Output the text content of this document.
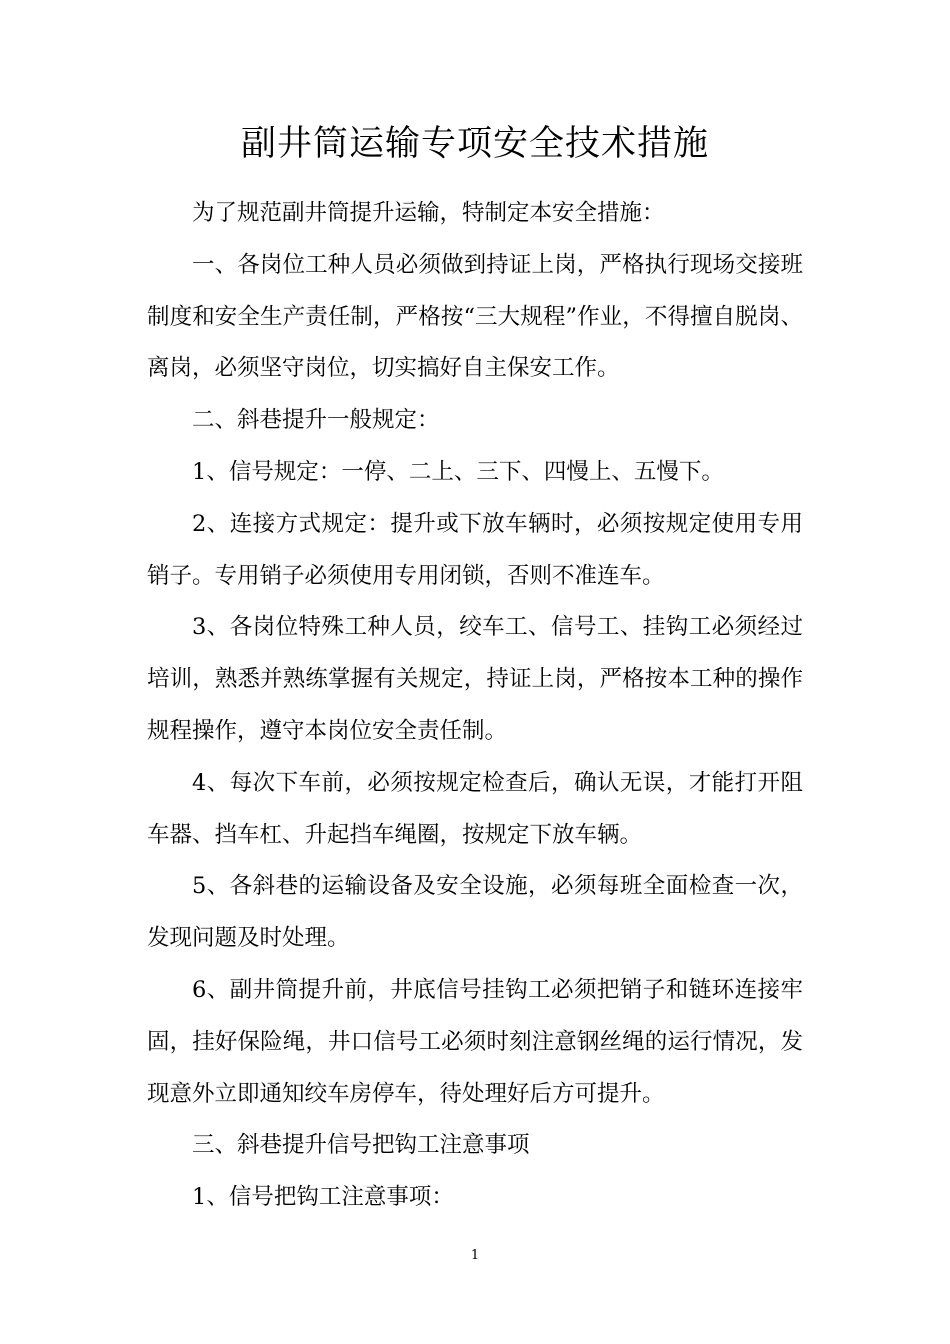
副井筒运输专项安全技术措施

为了规范副井筒提升运输，特制定本安全措施：

一、各岗位工种人员必须做到持证上岗，严格执行现场交接班制度和安全生产责任制，严格按“三大规程”作业，不得擅自脱岗、离岗，必须坚守岗位，切实搞好自主保安工作。

二、斜巷提升一般规定：

1、信号规定：一停、二上、三下、四慢上、五慢下。

2、连接方式规定：提升或下放车辆时，必须按规定使用专用销子。专用销子必须使用专用闭锁，否则不准连车。

3、各岗位特殊工种人员，绞车工、信号工、挂钩工必须经过培训，熟悉并熟练掌握有关规定，持证上岗，严格按本工种的操作规程操作，遵守本岗位安全责任制。

4、每次下车前，必须按规定检查后，确认无误，才能打开阻车器、挡车杠、升起挡车绳圈，按规定下放车辆。

5、各斜巷的运输设备及安全设施，必须每班全面检查一次，发现问题及时处理。

6、副井筒提升前，井底信号挂钩工必须把销子和链环连接牢固，挂好保险绳，井口信号工必须时刻注意钢丝绳的运行情况，发现意外立即通知绞车房停车，待处理好后方可提升。

三、斜巷提升信号把钩工注意事项

1、信号把钩工注意事项：

1
